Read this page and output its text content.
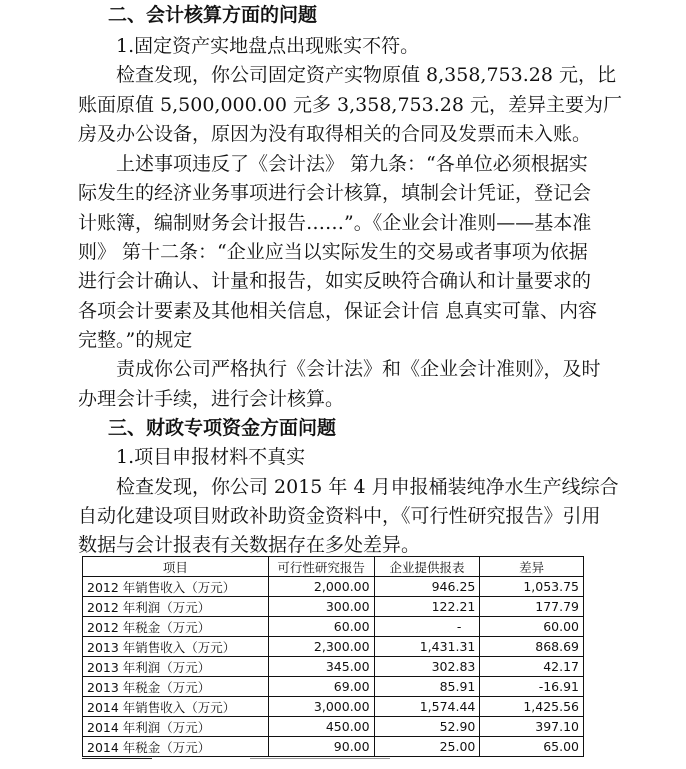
二、会计核算方面的问题
1.固定资产实地盘点出现账实不符。
检查发现，你公司固定资产实物原值 8,358,753.28 元，比
账面原值 5,500,000.00 元多 3,358,753.28 元，差异主要为厂
房及办公设备，原因为没有取得相关的合同及发票而未入账。
上述事项违反了《会计法》 第九条：“各单位必须根据实
际发生的经济业务事项进行会计核算，填制会计凭证，登记会
计账簿，编制财务会计报告……”。《企业会计准则——基本准
则》 第十二条：“企业应当以实际发生的交易或者事项为依据
进行会计确认、计量和报告，如实反映符合确认和计量要求的
各项会计要素及其他相关信息，保证会计信 息真实可靠、内容
完整。”的规定
责成你公司严格执行《会计法》和《企业会计准则》，及时
办理会计手续，进行会计核算。
三、财政专项资金方面问题
1.项目申报材料不真实
检查发现，你公司 2015 年 4 月申报桶装纯净水生产线综合
自动化建设项目财政补助资金资料中，《可行性研究报告》引用
数据与会计报表有关数据存在多处差异。
项目	可行性研究报告	企业提供报表	差异
2012 年销售收入（万元）	2,000.00	946.25	1,053.75
2012 年利润（万元）	300.00	122.21	177.79
2012 年税金（万元）	60.00	-	60.00
2013 年销售收入（万元）	2,300.00	1,431.31	868.69
2013 年利润（万元）	345.00	302.83	42.17
2013 年税金（万元）	69.00	85.91	-16.91
2014 年销售收入（万元）	3,000.00	1,574.44	1,425.56
2014 年利润（万元）	450.00	52.90	397.10
2014 年税金（万元）	90.00	25.00	65.00
